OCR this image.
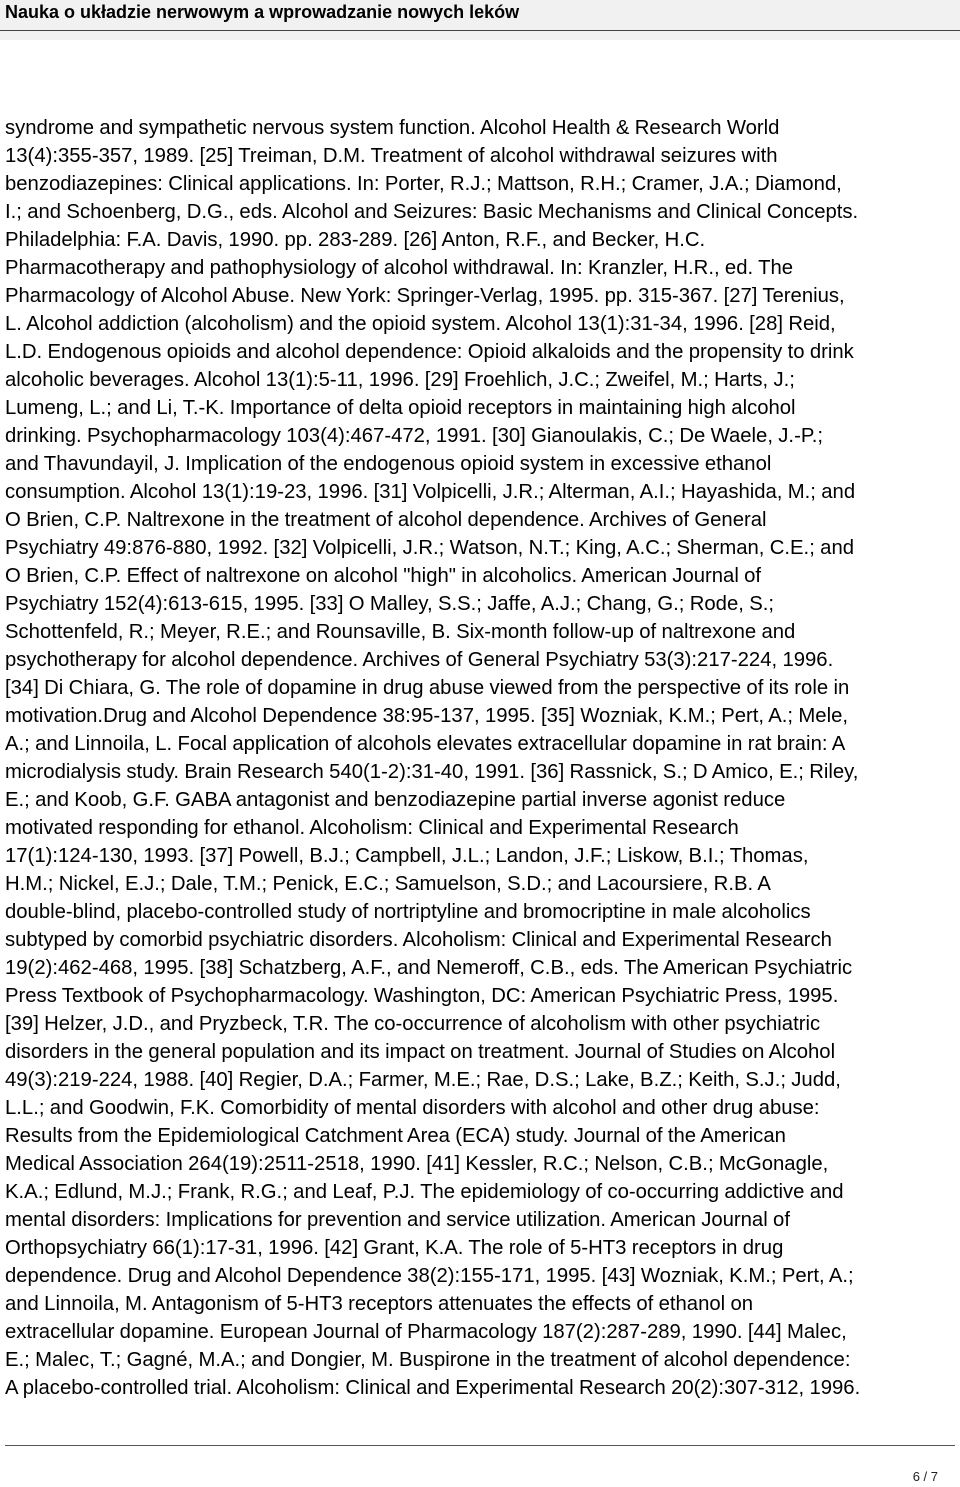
Nauka o układzie nerwowym a wprowadzanie nowych leków
syndrome and sympathetic nervous system function. Alcohol Health & Research World
13(4):355-357, 1989. [25] Treiman, D.M. Treatment of alcohol withdrawal seizures with
benzodiazepines: Clinical applications. In: Porter, R.J.; Mattson, R.H.; Cramer, J.A.; Diamond,
I.; and Schoenberg, D.G., eds. Alcohol and Seizures: Basic Mechanisms and Clinical Concepts.
Philadelphia: F.A. Davis, 1990. pp. 283-289. [26] Anton, R.F., and Becker, H.C.
Pharmacotherapy and pathophysiology of alcohol withdrawal. In: Kranzler, H.R., ed. The
Pharmacology of Alcohol Abuse. New York: Springer-Verlag, 1995. pp. 315-367. [27] Terenius,
L. Alcohol addiction (alcoholism) and the opioid system. Alcohol 13(1):31-34, 1996. [28] Reid,
L.D. Endogenous opioids and alcohol dependence: Opioid alkaloids and the propensity to drink
alcoholic beverages. Alcohol 13(1):5-11, 1996. [29] Froehlich, J.C.; Zweifel, M.; Harts, J.;
Lumeng, L.; and Li, T.-K. Importance of delta opioid receptors in maintaining high alcohol
drinking. Psychopharmacology 103(4):467-472, 1991. [30] Gianoulakis, C.; De Waele, J.-P.;
and Thavundayil, J. Implication of the endogenous opioid system in excessive ethanol
consumption. Alcohol 13(1):19-23, 1996. [31] Volpicelli, J.R.; Alterman, A.I.; Hayashida, M.; and
O Brien, C.P. Naltrexone in the treatment of alcohol dependence. Archives of General
Psychiatry 49:876-880, 1992. [32] Volpicelli, J.R.; Watson, N.T.; King, A.C.; Sherman, C.E.; and
O Brien, C.P. Effect of naltrexone on alcohol "high" in alcoholics. American Journal of
Psychiatry 152(4):613-615, 1995. [33] O Malley, S.S.; Jaffe, A.J.; Chang, G.; Rode, S.;
Schottenfeld, R.; Meyer, R.E.; and Rounsaville, B. Six-month follow-up of naltrexone and
psychotherapy for alcohol dependence. Archives of General Psychiatry 53(3):217-224, 1996.
[34] Di Chiara, G. The role of dopamine in drug abuse viewed from the perspective of its role in
motivation.Drug and Alcohol Dependence 38:95-137, 1995. [35] Wozniak, K.M.; Pert, A.; Mele,
A.; and Linnoila, L. Focal application of alcohols elevates extracellular dopamine in rat brain: A
microdialysis study. Brain Research 540(1-2):31-40, 1991. [36] Rassnick, S.; D Amico, E.; Riley,
E.; and Koob, G.F. GABA antagonist and benzodiazepine partial inverse agonist reduce
motivated responding for ethanol. Alcoholism: Clinical and Experimental Research
17(1):124-130, 1993. [37] Powell, B.J.; Campbell, J.L.; Landon, J.F.; Liskow, B.I.; Thomas,
H.M.; Nickel, E.J.; Dale, T.M.; Penick, E.C.; Samuelson, S.D.; and Lacoursiere, R.B. A
double-blind, placebo-controlled study of nortriptyline and bromocriptine in male alcoholics
subtyped by comorbid psychiatric disorders. Alcoholism: Clinical and Experimental Research
19(2):462-468, 1995. [38] Schatzberg, A.F., and Nemeroff, C.B., eds. The American Psychiatric
Press Textbook of Psychopharmacology. Washington, DC: American Psychiatric Press, 1995.
[39] Helzer, J.D., and Pryzbeck, T.R. The co-occurrence of alcoholism with other psychiatric
disorders in the general population and its impact on treatment. Journal of Studies on Alcohol
49(3):219-224, 1988. [40] Regier, D.A.; Farmer, M.E.; Rae, D.S.; Lake, B.Z.; Keith, S.J.; Judd,
L.L.; and Goodwin, F.K. Comorbidity of mental disorders with alcohol and other drug abuse:
Results from the Epidemiological Catchment Area (ECA) study. Journal of the American
Medical Association 264(19):2511-2518, 1990. [41] Kessler, R.C.; Nelson, C.B.; McGonagle,
K.A.; Edlund, M.J.; Frank, R.G.; and Leaf, P.J. The epidemiology of co-occurring addictive and
mental disorders: Implications for prevention and service utilization. American Journal of
Orthopsychiatry 66(1):17-31, 1996. [42] Grant, K.A. The role of 5-HT3 receptors in drug
dependence. Drug and Alcohol Dependence 38(2):155-171, 1995. [43] Wozniak, K.M.; Pert, A.;
and Linnoila, M. Antagonism of 5-HT3 receptors attenuates the effects of ethanol on
extracellular dopamine. European Journal of Pharmacology 187(2):287-289, 1990. [44] Malec,
E.; Malec, T.; Gagné, M.A.; and Dongier, M. Buspirone in the treatment of alcohol dependence:
A placebo-controlled trial. Alcoholism: Clinical and Experimental Research 20(2):307-312, 1996.
6 / 7
